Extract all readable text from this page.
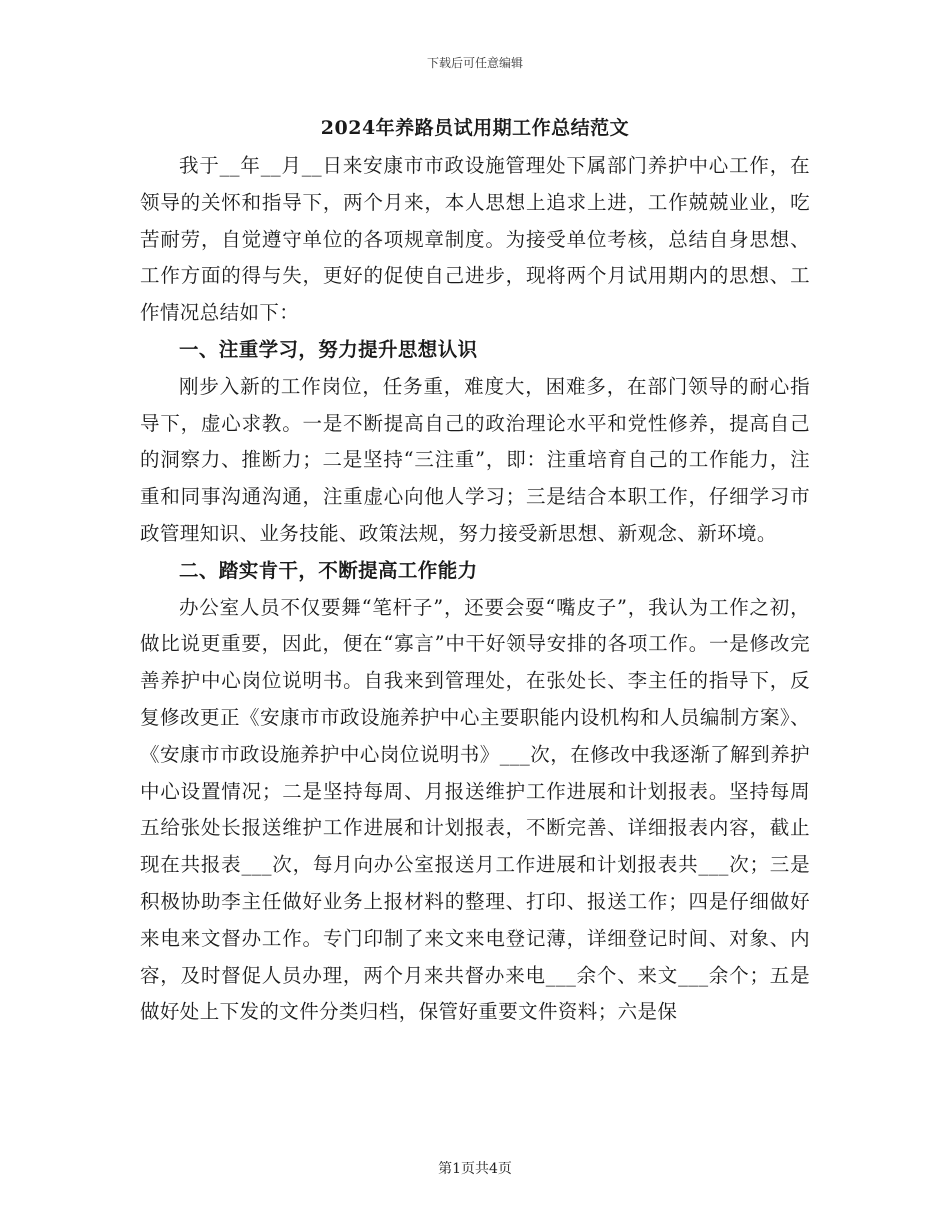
下载后可任意编辑
2024年养路员试用期工作总结范文

我于__年__月__日来安康市市政设施管理处下属部门养护中心工作，在领导的关怀和指导下，两个月来，本人思想上追求上进，工作兢兢业业，吃苦耐劳，自觉遵守单位的各项规章制度。为接受单位考核，总结自身思想、工作方面的得与失，更好的促使自己进步，现将两个月试用期内的思想、工作情况总结如下：

一、注重学习，努力提升思想认识

刚步入新的工作岗位，任务重，难度大，困难多，在部门领导的耐心指导下，虚心求教。一是不断提高自己的政治理论水平和党性修养，提高自己的洞察力、推断力；二是坚持“三注重”，即：注重培育自己的工作能力，注重和同事沟通沟通，注重虚心向他人学习；三是结合本职工作，仔细学习市政管理知识、业务技能、政策法规，努力接受新思想、新观念、新环境。

二、踏实肯干，不断提高工作能力

办公室人员不仅要舞“笔杆子”，还要会耍“嘴皮子”，我认为工作之初，做比说更重要，因此，便在“寡言”中干好领导安排的各项工作。一是修改完善养护中心岗位说明书。自我来到管理处，在张处长、李主任的指导下，反复修改更正《安康市市政设施养护中心主要职能内设机构和人员编制方案》、《安康市市政设施养护中心岗位说明书》___次，在修改中我逐渐了解到养护中心设置情况；二是坚持每周、月报送维护工作进展和计划报表。坚持每周五给张处长报送维护工作进展和计划报表，不断完善、详细报表内容，截止现在共报表___次，每月向办公室报送月工作进展和计划报表共___次；三是积极协助李主任做好业务上报材料的整理、打印、报送工作；四是仔细做好来电来文督办工作。专门印制了来文来电登记薄，详细登记时间、对象、内容，及时督促人员办理，两个月来共督办来电___余个、来文___余个；五是做好处上下发的文件分类归档，保管好重要文件资料；六是保

第1页共4页
